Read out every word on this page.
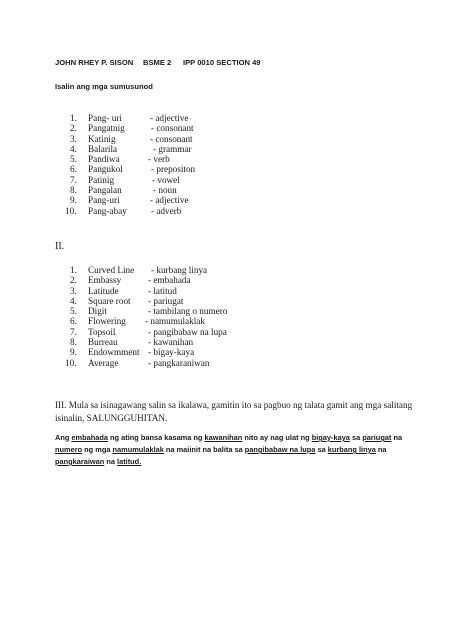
JOHN RHEY P. SISON BSME 2 IPP 0010 SECTION 49
Isalin ang mga sumusunod
1. Pang- uri	- adjective
2. Pangatnig	- consonant
3. Katinig	- consonant
4. Balarila	- grammar
5. Pandiwa	- verb
6. Pangukol	- prepositon
7. Patinig	- vowel
8. Pangalan	- noun
9. Pang-uri	- adjective
10. Pang-abay	- adverb
II.
1. Curved Line - kurbang linya
2. Embassy	- embahada
3. Latitude	- latitud
4. Square root - pariugat
5. Digit	- tambilang o numero
6. Flowering - namumulaklak
7. Topsoil	- pangibabaw na lupa
8. Burreau	- kawanihan
9. Endowmment - bigay-kaya
10. Average	- pangkaraniwan
III. Mula sa isinagawang salin sa ikalawa, gamitin ito sa pagbuo ng talata gamit ang mga salitang isinalin, SALUNGGUHITAN.
Ang embahada ng ating bansa kasama ng kawanihan nito ay nag ulat ng bigay-kaya sa pariugat na numero ng mga namumulaklak na maiinit na balita sa pangibabaw na lupa sa kurbang linya na pangkaraiwan na latitud.
